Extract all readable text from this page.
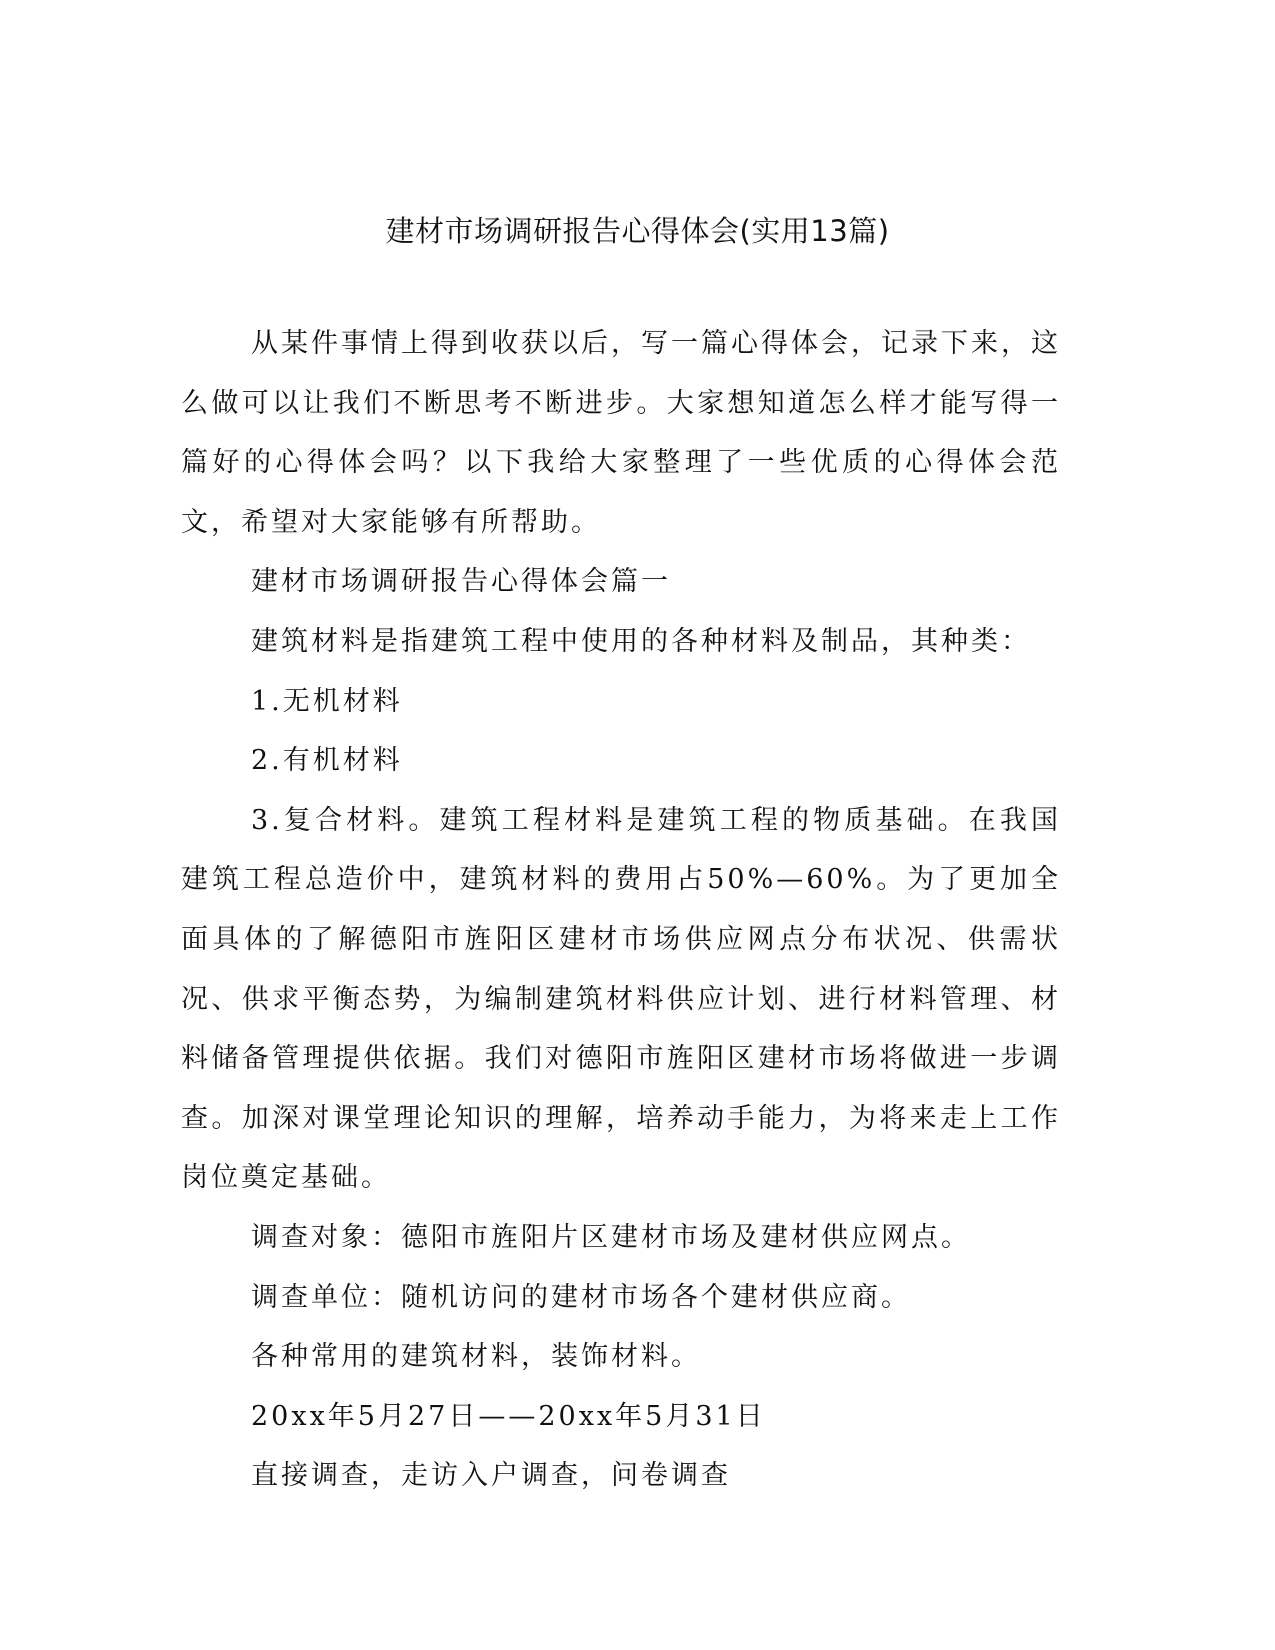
建材市场调研报告心得体会(实用13篇)

从某件事情上得到收获以后，写一篇心得体会，记录下来，这么做可以让我们不断思考不断进步。大家想知道怎么样才能写得一篇好的心得体会吗？以下我给大家整理了一些优质的心得体会范文，希望对大家能够有所帮助。

建材市场调研报告心得体会篇一

建筑材料是指建筑工程中使用的各种材料及制品，其种类：

1.无机材料

2.有机材料

3.复合材料。建筑工程材料是建筑工程的物质基础。在我国建筑工程总造价中，建筑材料的费用占50%—60%。为了更加全面具体的了解德阳市旌阳区建材市场供应网点分布状况、供需状况、供求平衡态势，为编制建筑材料供应计划、进行材料管理、材料储备管理提供依据。我们对德阳市旌阳区建材市场将做进一步调查。加深对课堂理论知识的理解，培养动手能力，为将来走上工作岗位奠定基础。

调查对象：德阳市旌阳片区建材市场及建材供应网点。

调查单位：随机访问的建材市场各个建材供应商。

各种常用的建筑材料，装饰材料。

20xx年5月27日——20xx年5月31日

直接调查，走访入户调查，问卷调查
